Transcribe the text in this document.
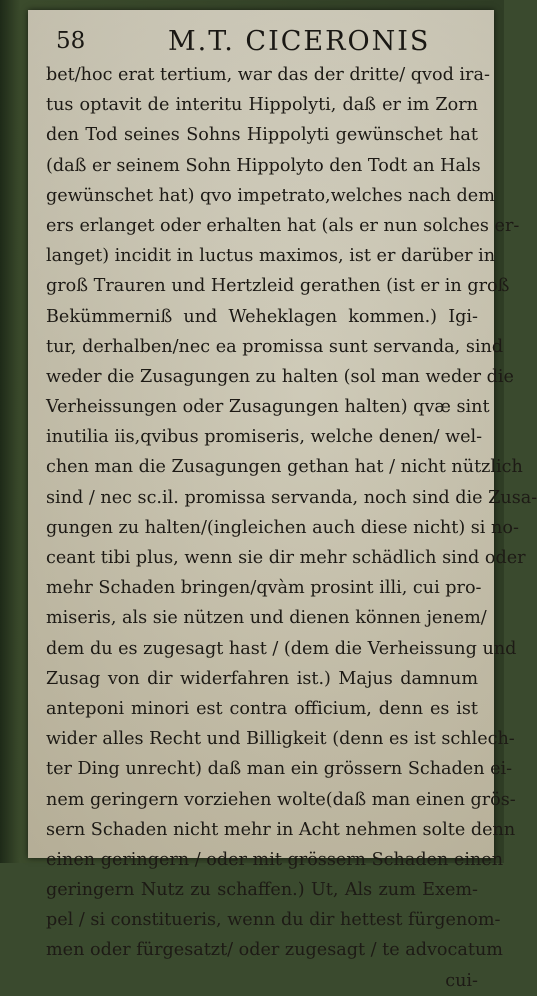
58	M.T. CICERONIS
bet/hoc erat tertium, war das der dritte/ qvod ira-
tus optavit de interitu Hippolyti, daß er im Zorn
den Tod seines Sohns Hippolyti gewünschet hat
(daß er seinem Sohn Hippolyto den Todt an Hals
gewünschet hat) qvo impetrato,welches nach dem
ers erlanget oder erhalten hat (als er nun solches er-
langet) incidit in luctus maximos, ist er darüber in
groß Trauren und Hertzleid gerathen (ist er in groß
Bekümmerniß und Weheklagen kommen.) Igi-
tur, derhalben/nec ea promissa sunt servanda, sind
weder die Zusagungen zu halten (sol man weder die
Verheissungen oder Zusagungen halten) qvæ sint
inutilia iis,qvibus promiseris, welche denen/ wel-
chen man die Zusagungen gethan hat / nicht nützlich
sind / nec sc.il. promissa servanda, noch sind die Zusa-
gungen zu halten/(ingleichen auch diese nicht) si no-
ceant tibi plus, wenn sie dir mehr schädlich sind oder
mehr Schaden bringen/qvàm prosint illi, cui pro-
miseris, als sie nützen und dienen können jenem/
dem du es zugesagt hast / (dem die Verheissung und
Zusag von dir widerfahren ist.) Majus damnum
anteponi minori est contra officium, denn es ist
wider alles Recht und Billigkeit (denn es ist schlech-
ter Ding unrecht) daß man ein grössern Schaden ei-
nem geringern vorziehen wolte(daß man einen grös-
sern Schaden nicht mehr in Acht nehmen solte denn
einen geringern / oder mit grössern Schaden einen
geringern Nutz zu schaffen.) Ut, Als zum Exem-
pel / si constitueris, wenn du dir hettest fürgenom-
men oder fürgesatzt/ oder zugesagt / te advocatum
cui-
